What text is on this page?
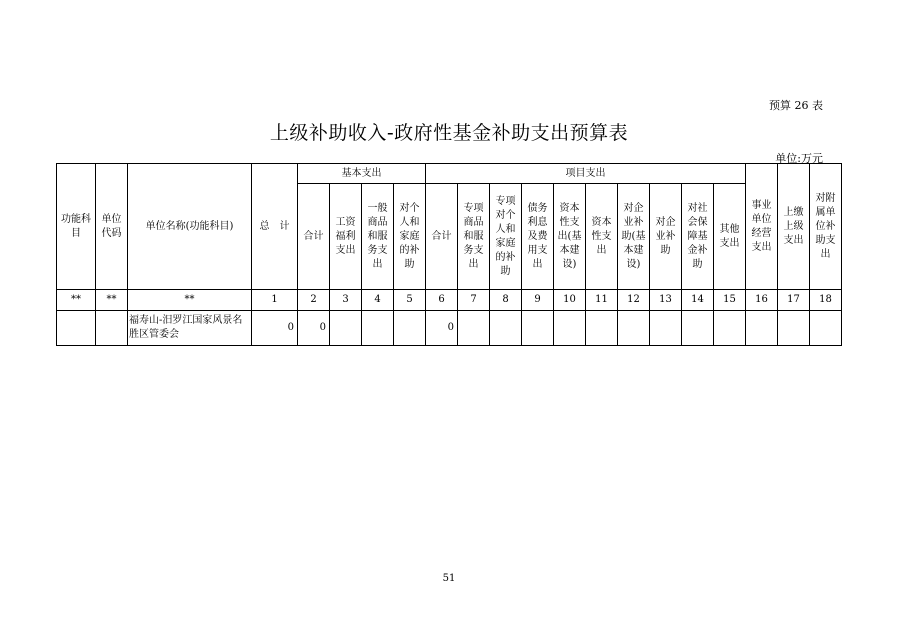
预算 26 表
上级补助收入-政府性基金补助支出预算表
单位:万元
功能科目	单位代码	单位名称(功能科目)	总　计	基本支出				项目支出										事业单位经营支出	上缴上级支出	对附属单位补助支出
				合计	工资福利支出	一般商品和服务支出	对个人和家庭的补助	合计	专项商品和服务支出	专项对个人和家庭的补助	债务利息及费用支出	资本性支出(基本建设)	资本性支出	对企业补助(基本建设)	对企业补助	对社会保障基金补助	其他支出			
**	**	**	1	2	3	4	5	6	7	8	9	10	11	12	13	14	15	16	17	18
		福寿山-汨罗江国家风景名胜区管委会	0	0				0												
51
